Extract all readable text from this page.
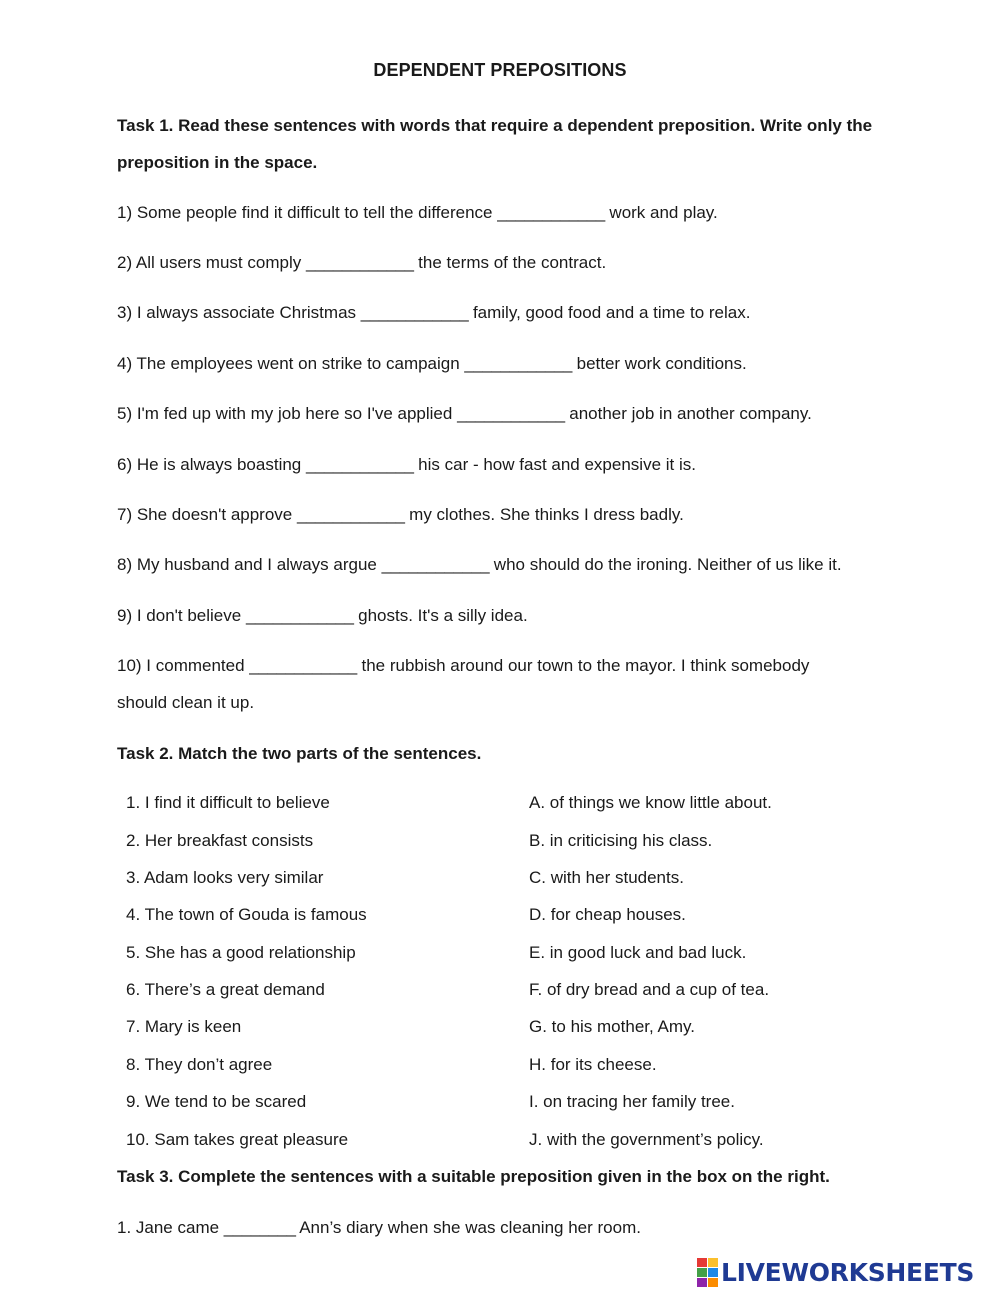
DEPENDENT PREPOSITIONS
Task 1. Read these sentences with words that require a dependent preposition. Write only the
preposition in the space.
1) Some people find it difficult to tell the difference ____________ work and play.
2) All users must comply ____________ the terms of the contract.
3) I always associate Christmas ____________ family, good food and a time to relax.
4) The employees went on strike to campaign ____________ better work conditions.
5) I'm fed up with my job here so I've applied ____________ another job in another company.
6) He is always boasting ____________ his car - how fast and expensive it is.
7) She doesn't approve ____________ my clothes. She thinks I dress badly.
8) My husband and I always argue ____________ who should do the ironing. Neither of us like it.
9) I don't believe ____________ ghosts. It's a silly idea.
10) I commented ____________ the rubbish around our town to the mayor. I think somebody
should clean it up.
Task 2. Match the two parts of the sentences.
1. I find it difficult to believe
2. Her breakfast consists
3. Adam looks very similar
4. The town of Gouda is famous
5. She has a good relationship
6. There’s a great demand
7. Mary is keen
8. They don’t agree
9. We tend to be scared
10. Sam takes great pleasure
A. of things we know little about.
B. in criticising his class.
C. with her students.
D. for cheap houses.
E. in good luck and bad luck.
F. of dry bread and a cup of tea.
G. to his mother, Amy.
H. for its cheese.
I. on tracing her family tree.
J. with the government’s policy.
Task 3. Complete the sentences with a suitable preposition given in the box on the right.
1. Jane came ________ Ann’s diary when she was cleaning her room.
LIVEWORKSHEETS
